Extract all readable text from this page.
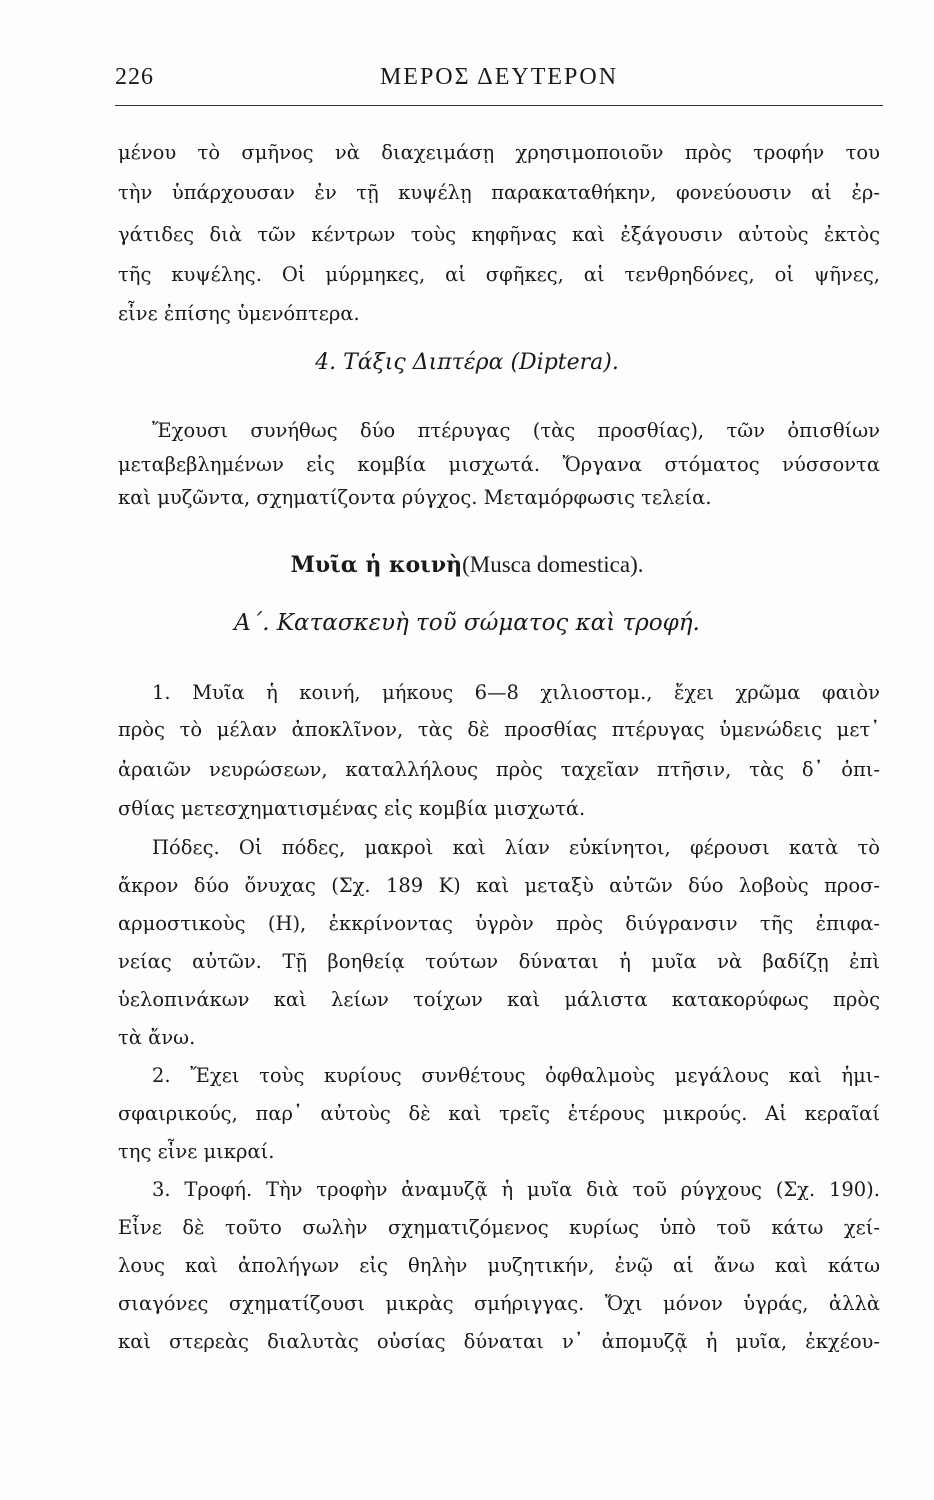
226	ΜΕΡΟΣ ΔΕΥΤΕΡΟΝ
μένου τὸ σμῆνος νὰ διαχειμάσῃ χρησιμοποιοῦν πρὸς τροφήν του
τὴν ὑπάρχουσαν ἐν τῇ κυψέλῃ παρακαταθήκην, φονεύουσιν αἱ ἐρ-
γάτιδες διὰ τῶν κέντρων τοὺς κηφῆνας καὶ ἐξάγουσιν αὐτοὺς ἐκτὸς
τῆς κυψέλης. Οἱ μύρμηκες, αἱ σφῆκες, αἱ τενθρηδόνες, οἱ ψῆνες,
εἶνε ἐπίσης ὑμενόπτερα.
4. Τάξις Διπτέρα (Diptera).
Ἔχουσι συνήθως δύο πτέρυγας (τὰς προσθίας), τῶν ὀπισθίων
μεταβεβλημένων εἰς κομβία μισχωτά. Ὄργανα στόματος νύσσοντα
καὶ μυζῶντα, σχηματίζοντα ρύγχος. Μεταμόρφωσις τελεία.
Μυῖα ἡ κοινὴ(Musca domestica).
Α΄. Κατασκευὴ τοῦ σώματος καὶ τροφή.
1. Μυῖα ἡ κοινή, μήκους 6—8 χιλιοστομ., ἔχει χρῶμα φαιὸν
πρὸς τὸ μέλαν ἀποκλῖνον, τὰς δὲ προσθίας πτέρυγας ὑμενώδεις μετ᾽
ἀραιῶν νευρώσεων, καταλλήλους πρὸς ταχεῖαν πτῆσιν, τὰς δ᾽ ὀπι-
σθίας μετεσχηματισμένας εἰς κομβία μισχωτά.
Πόδες. Οἱ πόδες, μακροὶ καὶ λίαν εὐκίνητοι, φέρουσι κατὰ τὸ
ἄκρον δύο ὄνυχας (Σχ. 189 Κ) καὶ μεταξὺ αὐτῶν δύο λοβοὺς προσ-
αρμοστικοὺς (Η), ἐκκρίνοντας ὑγρὸν πρὸς διύγρανσιν τῆς ἐπιφα-
νείας αὐτῶν. Τῇ βοηθείᾳ τούτων δύναται ἡ μυῖα νὰ βαδίζῃ ἐπὶ
ὑελοπινάκων καὶ λείων τοίχων καὶ μάλιστα κατακορύφως πρὸς
τὰ ἄνω.
2. Ἔχει τοὺς κυρίους συνθέτους ὀφθαλμοὺς μεγάλους καὶ ἡμι-
σφαιρικούς, παρ᾽ αὐτοὺς δὲ καὶ τρεῖς ἑτέρους μικρούς. Αἱ κεραῖαί
της εἶνε μικραί.
3. Τροφή. Τὴν τροφὴν ἀναμυζᾷ ἡ μυῖα διὰ τοῦ ρύγχους (Σχ. 190).
Εἶνε δὲ τοῦτο σωλὴν σχηματιζόμενος κυρίως ὑπὸ τοῦ κάτω χεί-
λους καὶ ἀπολήγων εἰς θηλὴν μυζητικήν, ἐνῷ αἱ ἄνω καὶ κάτω
σιαγόνες σχηματίζουσι μικρὰς σμήριγγας. Ὄχι μόνον ὑγράς, ἀλλὰ
καὶ στερεὰς διαλυτὰς οὐσίας δύναται ν᾽ ἀπομυζᾷ ἡ μυῖα, ἐκχέου-
